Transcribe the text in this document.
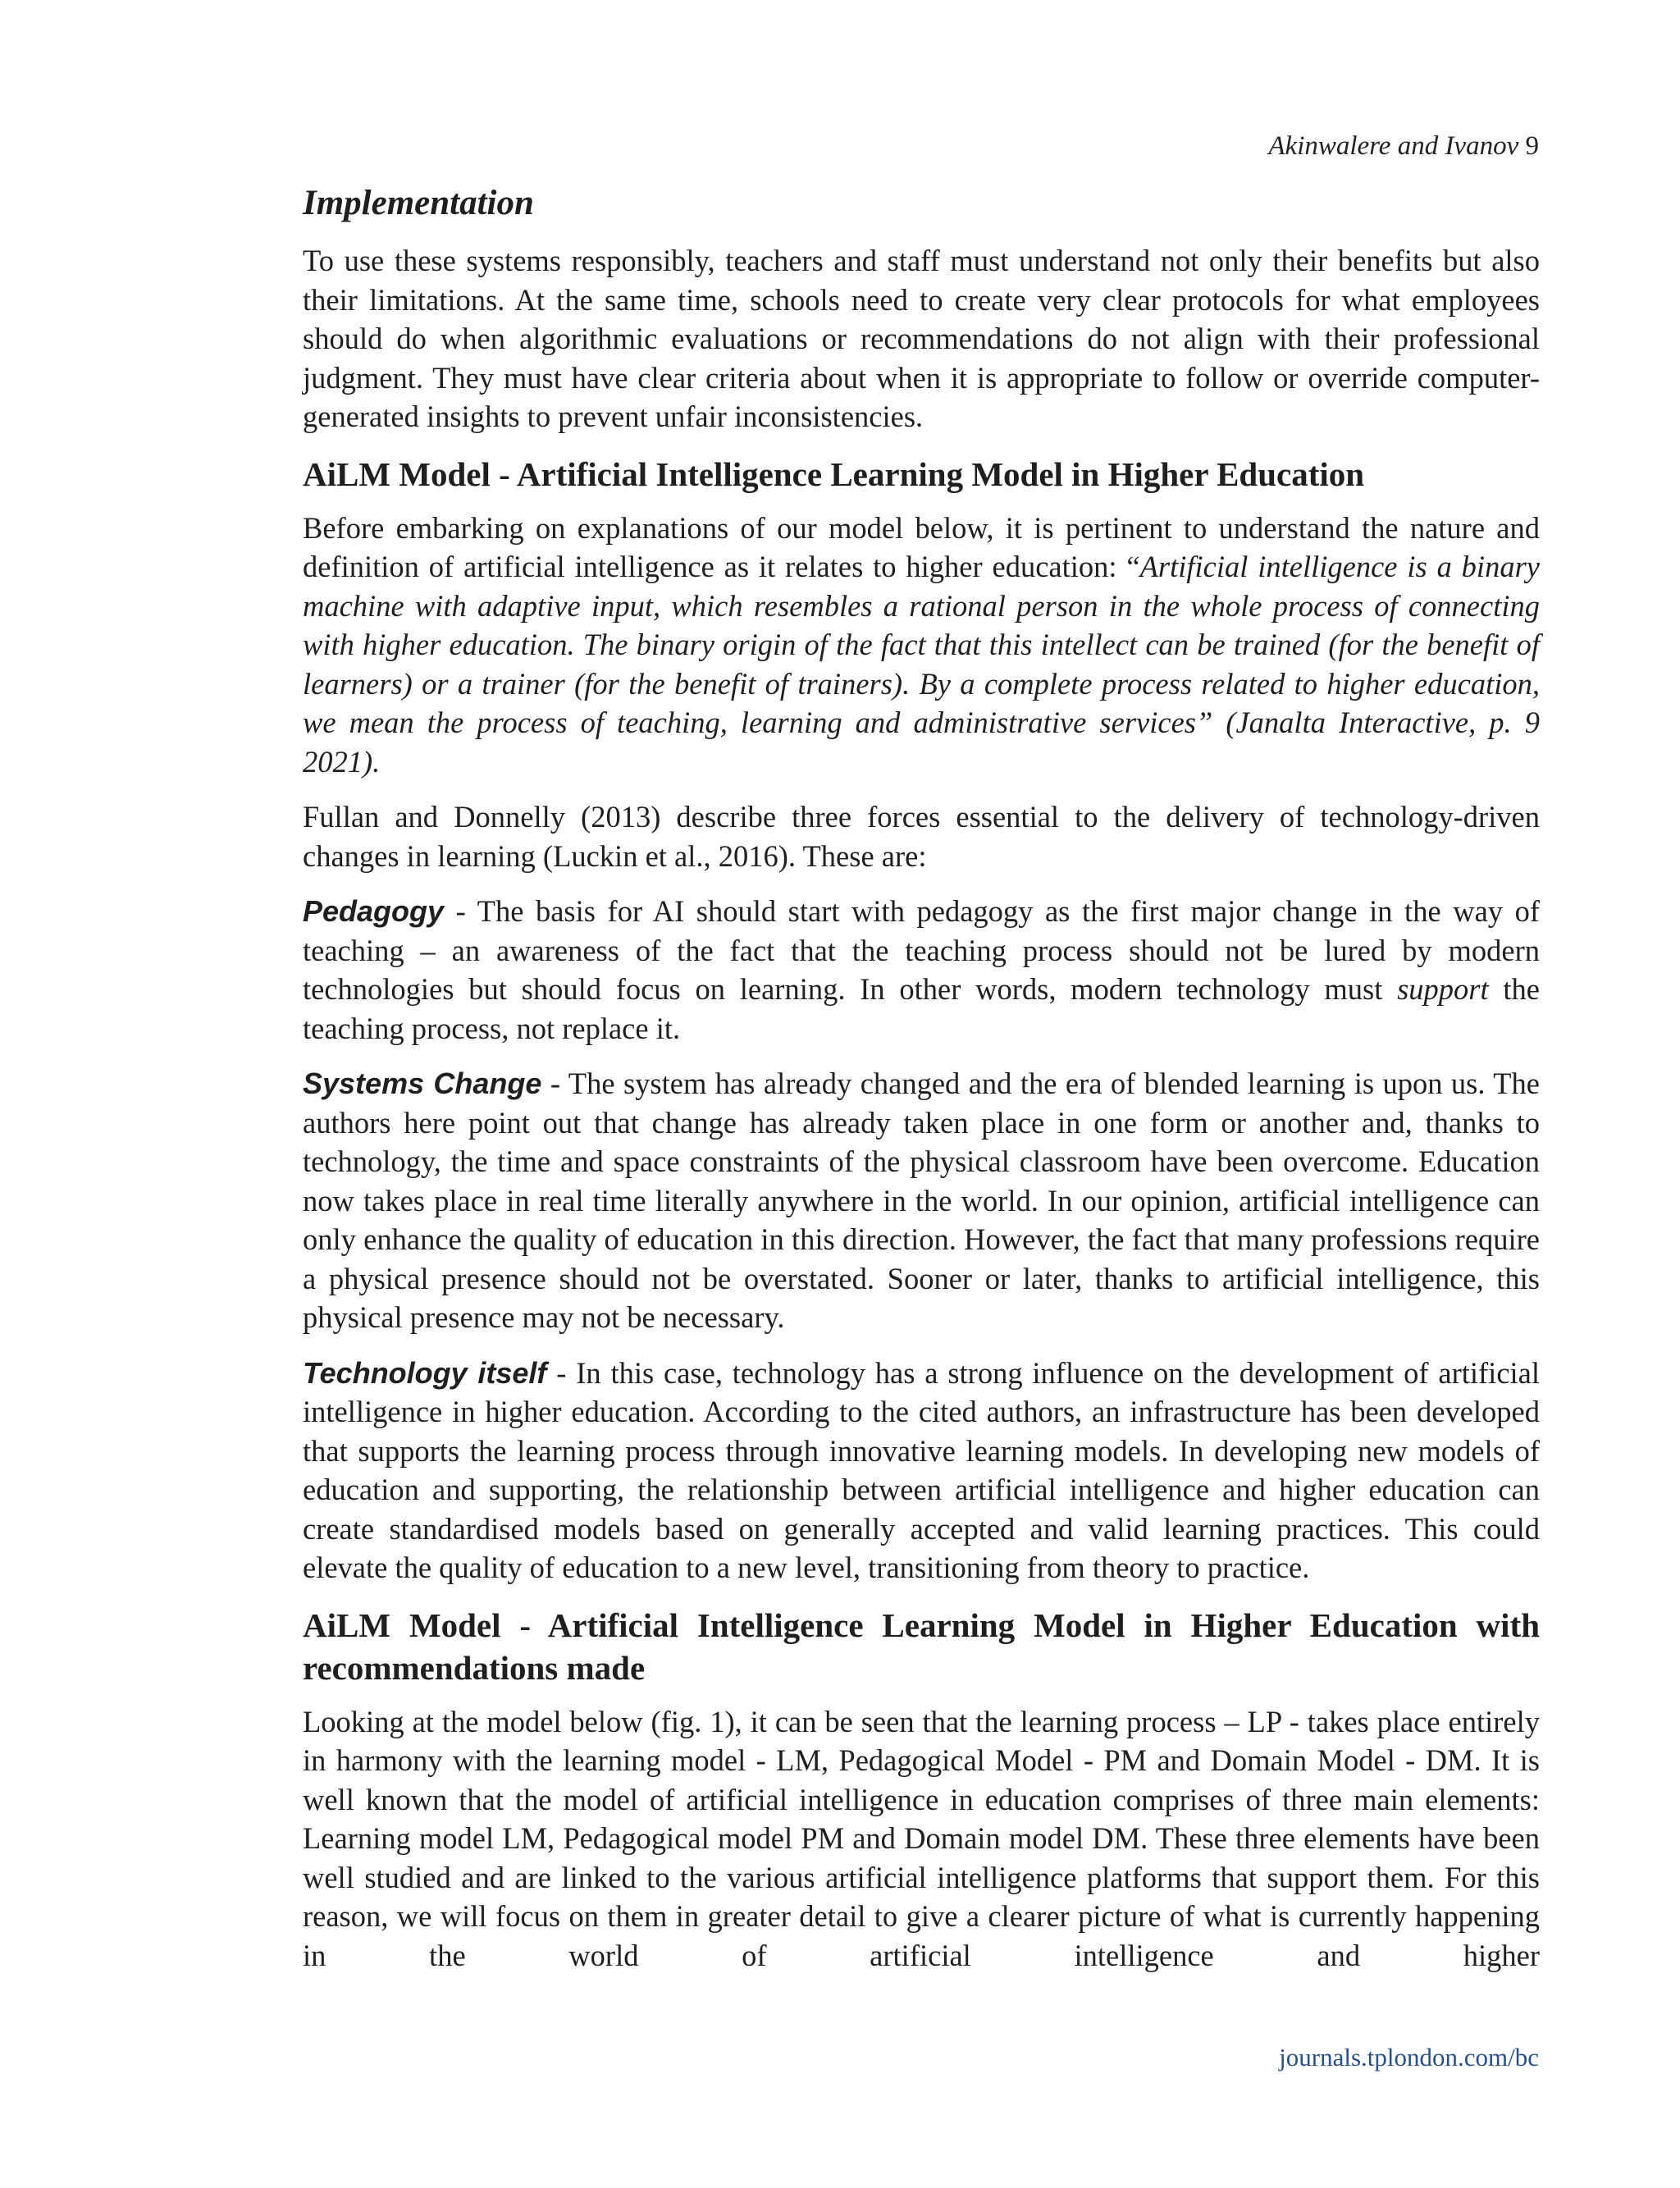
Akinwalere and Ivanov 9
Implementation

To use these systems responsibly, teachers and staff must understand not only their benefits but also their limitations. At the same time, schools need to create very clear protocols for what employees should do when algorithmic evaluations or recommendations do not align with their professional judgment. They must have clear criteria about when it is appropriate to follow or override computer-generated insights to prevent unfair inconsistencies.

AiLM Model - Artificial Intelligence Learning Model in Higher Education

Before embarking on explanations of our model below, it is pertinent to understand the nature and definition of artificial intelligence as it relates to higher education: “Artificial intelligence is a binary machine with adaptive input, which resembles a rational person in the whole process of connecting with higher education. The binary origin of the fact that this intellect can be trained (for the benefit of learners) or a trainer (for the benefit of trainers). By a complete process related to higher education, we mean the process of teaching, learning and administrative services” (Janalta Interactive, p. 9 2021).

Fullan and Donnelly (2013) describe three forces essential to the delivery of technology-driven changes in learning (Luckin et al., 2016). These are:

Pedagogy - The basis for AI should start with pedagogy as the first major change in the way of teaching – an awareness of the fact that the teaching process should not be lured by modern technologies but should focus on learning. In other words, modern technology must support the teaching process, not replace it.

Systems Change - The system has already changed and the era of blended learning is upon us. The authors here point out that change has already taken place in one form or another and, thanks to technology, the time and space constraints of the physical classroom have been overcome. Education now takes place in real time literally anywhere in the world. In our opinion, artificial intelligence can only enhance the quality of education in this direction. However, the fact that many professions require a physical presence should not be overstated. Sooner or later, thanks to artificial intelligence, this physical presence may not be necessary.

Technology itself - In this case, technology has a strong influence on the development of artificial intelligence in higher education. According to the cited authors, an infrastructure has been developed that supports the learning process through innovative learning models. In developing new models of education and supporting, the relationship between artificial intelligence and higher education can create standardised models based on generally accepted and valid learning practices. This could elevate the quality of education to a new level, transitioning from theory to practice.

AiLM Model - Artificial Intelligence Learning Model in Higher Education with recommendations made

Looking at the model below (fig. 1), it can be seen that the learning process – LP - takes place entirely in harmony with the learning model - LM, Pedagogical Model - PM and Domain Model - DM. It is well known that the model of artificial intelligence in education comprises of three main elements: Learning model LM, Pedagogical model PM and Domain model DM. These three elements have been well studied and are linked to the various artificial intelligence platforms that support them. For this reason, we will focus on them in greater detail to give a clearer picture of what is currently happening in the world of artificial intelligence and higher

journals.tplondon.com/bc
